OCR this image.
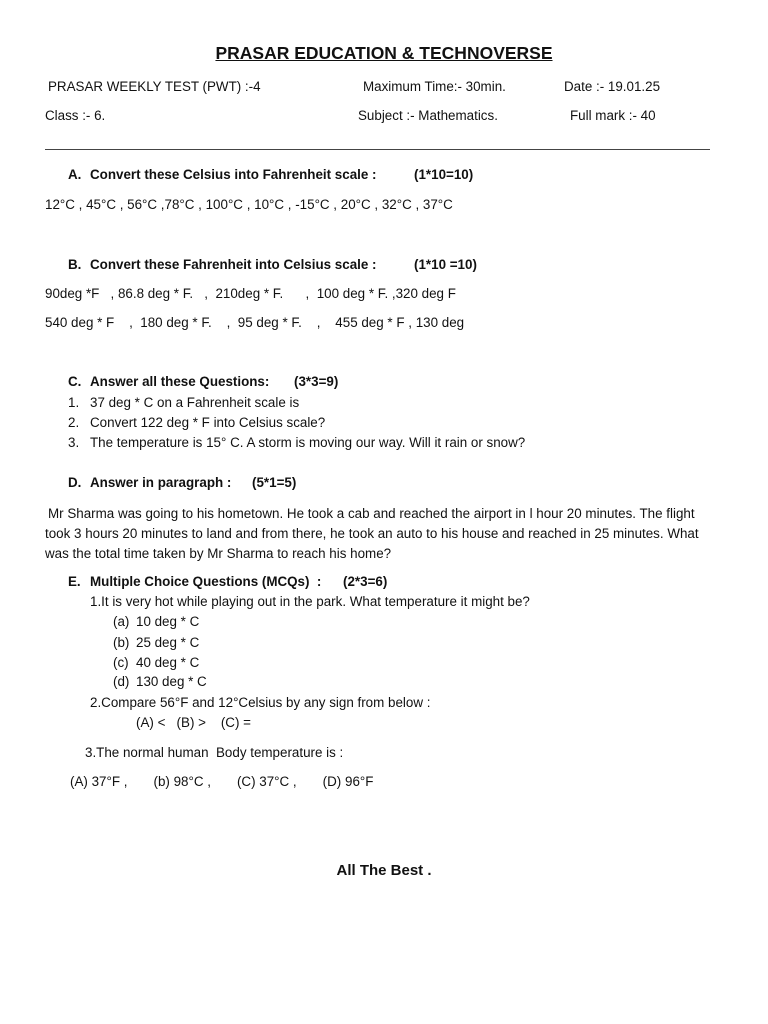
PRASAR EDUCATION & TECHNOVERSE
PRASAR WEEKLY TEST (PWT) :-4	Maximum Time:- 30min.	Date :- 19.01.25
Class :- 6.	Subject :- Mathematics.	Full mark :- 40
A. Convert these Celsius into Fahrenheit scale :	(1*10=10)
12°C , 45°C , 56°C ,78°C , 100°C , 10°C , -15°C , 20°C , 32°C , 37°C
B. Convert these Fahrenheit into Celsius scale :	(1*10 =10)
90deg *F   , 86.8 deg * F.   ,  210deg * F.      ,  100 deg * F. ,320 deg F
540 deg * F    ,  180 deg * F.    ,  95 deg * F.    ,    455 deg * F , 130 deg
C. Answer all these Questions: (3*3=9)
1. 37 deg * C on a Fahrenheit scale is
2. Convert 122 deg * F into Celsius scale?
3. The temperature is 15° C. A storm is moving our way. Will it rain or snow?
D. Answer in paragraph : (5*1=5)
Mr Sharma was going to his hometown. He took a cab and reached the airport in l hour 20 minutes. The flight took 3 hours 20 minutes to land and from there, he took an auto to his house and reached in 25 minutes. What was the total time taken by Mr Sharma to reach his home?
E. Multiple Choice Questions (MCQs)  : (2*3=6)
1.It is very hot while playing out in the park. What temperature it might be?
(a) 10 deg * C
(b) 25 deg * C
(c) 40 deg * C
(d) 130 deg * C
2.Compare 56°F and 12°Celsius by any sign from below :
(A) <   (B) >    (C) =
3.The normal human  Body temperature is :
(A) 37°F ,       (b) 98°C ,       (C) 37°C ,       (D) 96°F
All The Best .
